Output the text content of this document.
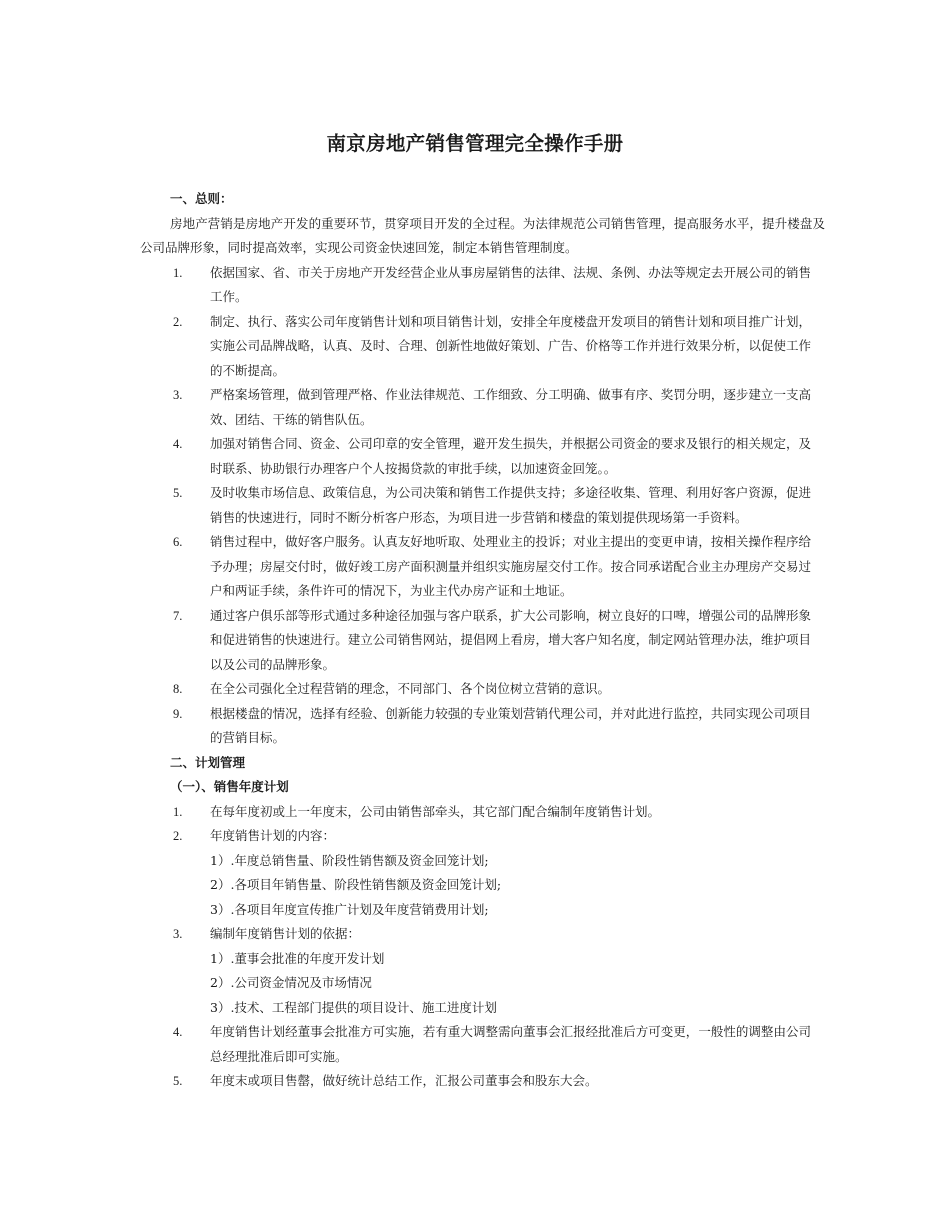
南京房地产销售管理完全操作手册
一、总则：
房地产营销是房地产开发的重要环节，贯穿项目开发的全过程。为法律规范公司销售管理，提高服务水平，提升楼盘及公司品牌形象，同时提高效率，实现公司资金快速回笼，制定本销售管理制度。
1. 依据国家、省、市关于房地产开发经营企业从事房屋销售的法律、法规、条例、办法等规定去开展公司的销售工作。
2. 制定、执行、落实公司年度销售计划和项目销售计划，安排全年度楼盘开发项目的销售计划和项目推广计划，实施公司品牌战略，认真、及时、合理、创新性地做好策划、广告、价格等工作并进行效果分析，以促使工作的不断提高。
3. 严格案场管理，做到管理严格、作业法律规范、工作细致、分工明确、做事有序、奖罚分明，逐步建立一支高效、团结、干练的销售队伍。
4. 加强对销售合同、资金、公司印章的安全管理，避开发生损失，并根据公司资金的要求及银行的相关规定，及时联系、协助银行办理客户个人按揭贷款的审批手续，以加速资金回笼。。
5. 及时收集市场信息、政策信息，为公司决策和销售工作提供支持；多途径收集、管理、利用好客户资源，促进销售的快速进行，同时不断分析客户形态，为项目进一步营销和楼盘的策划提供现场第一手资料。
6. 销售过程中，做好客户服务。认真友好地听取、处理业主的投诉；对业主提出的变更申请，按相关操作程序给予办理；房屋交付时，做好竣工房产面积测量并组织实施房屋交付工作。按合同承诺配合业主办理房产交易过户和两证手续，条件许可的情况下，为业主代办房产证和土地证。
7. 通过客户俱乐部等形式通过多种途径加强与客户联系，扩大公司影响，树立良好的口啤，增强公司的品牌形象和促进销售的快速进行。建立公司销售网站，提倡网上看房，增大客户知名度，制定网站管理办法，维护项目以及公司的品牌形象。
8. 在全公司强化全过程营销的理念，不同部门、各个岗位树立营销的意识。
9. 根据楼盘的情况，选择有经验、创新能力较强的专业策划营销代理公司，并对此进行监控，共同实现公司项目的营销目标。
二、计划管理
（一）、销售年度计划
1. 在每年度初或上一年度末，公司由销售部牵头，其它部门配合编制年度销售计划。
2. 年度销售计划的内容：
1）.年度总销售量、阶段性销售额及资金回笼计划;
2）.各项目年销售量、阶段性销售额及资金回笼计划;
3）.各项目年度宣传推广计划及年度营销费用计划;
3. 编制年度销售计划的依据：
1）.董事会批准的年度开发计划
2）.公司资金情况及市场情况
3）.技术、工程部门提供的项目设计、施工进度计划
4. 年度销售计划经董事会批准方可实施，若有重大调整需向董事会汇报经批准后方可变更，一般性的调整由公司总经理批准后即可实施。
5. 年度末或项目售罄，做好统计总结工作，汇报公司董事会和股东大会。
